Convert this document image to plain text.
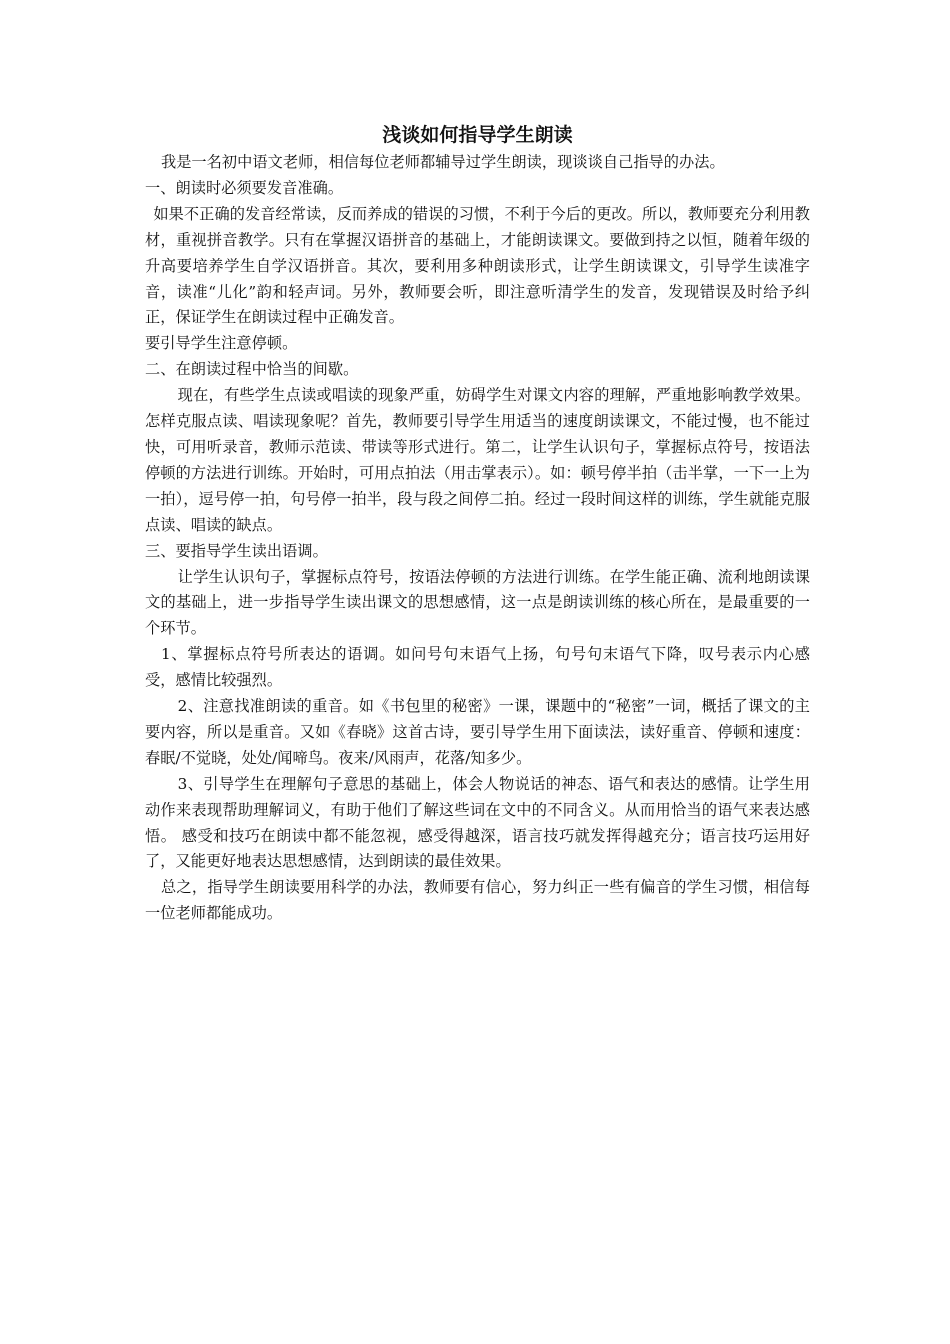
浅谈如何指导学生朗读

我是一名初中语文老师，相信每位老师都辅导过学生朗读，现谈谈自己指导的办法。

一、朗读时必须要发音准确。

如果不正确的发音经常读，反而养成的错误的习惯，不利于今后的更改。所以，教师要充分利用教材，重视拼音教学。只有在掌握汉语拼音的基础上，才能朗读课文。要做到持之以恒，随着年级的升高要培养学生自学汉语拼音。其次，要利用多种朗读形式，让学生朗读课文，引导学生读准字音，读准“儿化”韵和轻声词。另外，教师要会听，即注意听清学生的发音，发现错误及时给予纠正，保证学生在朗读过程中正确发音。

要引导学生注意停顿。

二、在朗读过程中恰当的间歇。

现在，有些学生点读或唱读的现象严重，妨碍学生对课文内容的理解，严重地影响教学效果。怎样克服点读、唱读现象呢？首先，教师要引导学生用适当的速度朗读课文，不能过慢，也不能过快，可用听录音，教师示范读、带读等形式进行。第二，让学生认识句子，掌握标点符号，按语法停顿的方法进行训练。开始时，可用点拍法（用击掌表示）。如：顿号停半拍（击半掌，一下一上为一拍），逗号停一拍，句号停一拍半，段与段之间停二拍。经过一段时间这样的训练，学生就能克服点读、唱读的缺点。

三、要指导学生读出语调。

让学生认识句子，掌握标点符号，按语法停顿的方法进行训练。在学生能正确、流利地朗读课文的基础上，进一步指导学生读出课文的思想感情，这一点是朗读训练的核心所在，是最重要的一个环节。

1、掌握标点符号所表达的语调。如问号句末语气上扬，句号句末语气下降，叹号表示内心感受，感情比较强烈。

2、注意找准朗读的重音。如《书包里的秘密》一课，课题中的“秘密”一词，概括了课文的主要内容，所以是重音。又如《春晓》这首古诗，要引导学生用下面读法，读好重音、停顿和速度：春眠/不觉晓，处处/闻啼鸟。夜来/风雨声，花落/知多少。

3、引导学生在理解句子意思的基础上，体会人物说话的神态、语气和表达的感情。让学生用动作来表现帮助理解词义，有助于他们了解这些词在文中的不同含义。从而用恰当的语气来表达感悟。 感受和技巧在朗读中都不能忽视，感受得越深，语言技巧就发挥得越充分；语言技巧运用好了，又能更好地表达思想感情，达到朗读的最佳效果。

总之，指导学生朗读要用科学的办法，教师要有信心，努力纠正一些有偏音的学生习惯，相信每一位老师都能成功。
